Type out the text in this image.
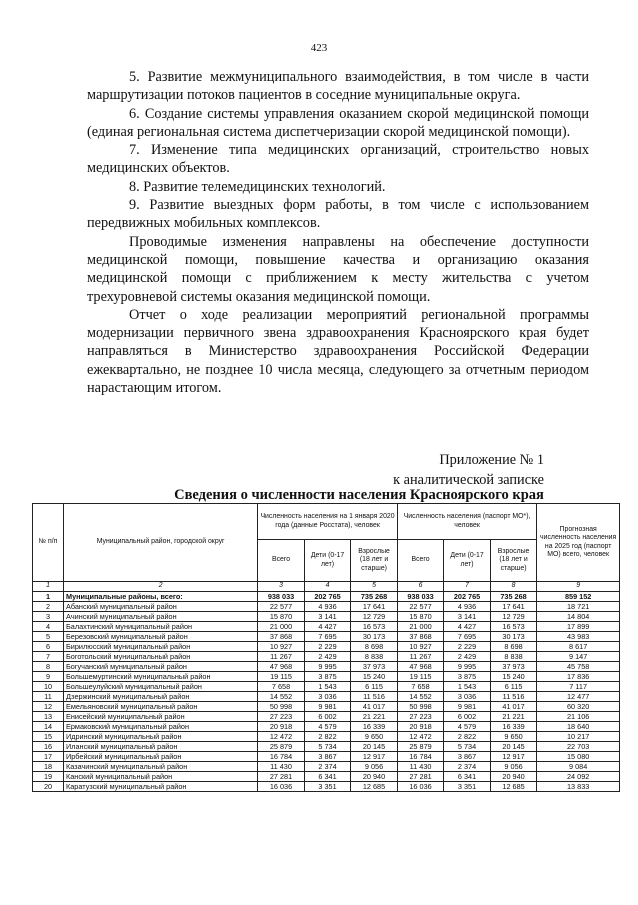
423

5. Развитие межмуниципального взаимодействия, в том числе в части маршрутизации потоков пациентов в соседние муниципальные округа.

6. Создание системы управления оказанием скорой медицинской помощи (единая региональная система диспетчеризации скорой медицинской помощи).

7. Изменение типа медицинских организаций, строительство новых медицинских объектов.

8. Развитие телемедицинских технологий.

9. Развитие выездных форм работы, в том числе с использованием передвижных мобильных комплексов.

Проводимые изменения направлены на обеспечение доступности медицинской помощи, повышение качества и организацию оказания медицинской помощи с приближением к месту жительства с учетом трехуровневой системы оказания медицинской помощи.

Отчет о ходе реализации мероприятий региональной программы модернизации первичного звена здравоохранения Красноярского края будет направляться в Министерство здравоохранения Российской Федерации ежеквартально, не позднее 10 числа месяца, следующего за отчетным периодом нарастающим итогом.

Приложение № 1
к аналитической записке
Сведения о численности населения Красноярского края
№ п/п	Муниципальный район, городской округ	Численность населения на 1 января 2020 года (данные Росстата), человек			Численность населения (паспорт МО*), человек			Прогнозная численность населения на 2025 год (паспорт МО) всего, человек
		Всего	Дети (0-17 лет)	Взрослые (18 лет и старше)	Всего	Дети (0-17 лет)	Взрослые (18 лет и старше)	
1	2	3	4	5	6	7	8	9
1	Муниципальные районы, всего:	938 033	202 765	735 268	938 033	202 765	735 268	859 152
2	Абанский муниципальный район	22 577	4 936	17 641	22 577	4 936	17 641	18 721
3	Ачинский муниципальный район	15 870	3 141	12 729	15 870	3 141	12 729	14 804
4	Балахтинский муниципальный район	21 000	4 427	16 573	21 000	4 427	16 573	17 899
5	Березовский муниципальный район	37 868	7 695	30 173	37 868	7 695	30 173	43 983
6	Бирилюсский муниципальный район	10 927	2 229	8 698	10 927	2 229	8 698	8 617
7	Боготольский муниципальный район	11 267	2 429	8 838	11 267	2 429	8 838	9 147
8	Богучанский муниципальный район	47 968	9 995	37 973	47 968	9 995	37 973	45 758
9	Большемуртинский муниципальный район	19 115	3 875	15 240	19 115	3 875	15 240	17 836
10	Большеулуйский муниципальный район	7 658	1 543	6 115	7 658	1 543	6 115	7 117
11	Дзержинский муниципальный район	14 552	3 036	11 516	14 552	3 036	11 516	12 477
12	Емельяновский муниципальный район	50 998	9 981	41 017	50 998	9 981	41 017	60 320
13	Енисейский муниципальный район	27 223	6 002	21 221	27 223	6 002	21 221	21 106
14	Ермаковский муниципальный район	20 918	4 579	16 339	20 918	4 579	16 339	18 640
15	Идринский муниципальный район	12 472	2 822	9 650	12 472	2 822	9 650	10 217
16	Иланский муниципальный район	25 879	5 734	20 145	25 879	5 734	20 145	22 703
17	Ирбейский муниципальный район	16 784	3 867	12 917	16 784	3 867	12 917	15 080
18	Казачинский муниципальный район	11 430	2 374	9 056	11 430	2 374	9 056	9 084
19	Канский муниципальный район	27 281	6 341	20 940	27 281	6 341	20 940	24 092
20	Каратузский муниципальный район	16 036	3 351	12 685	16 036	3 351	12 685	13 833
